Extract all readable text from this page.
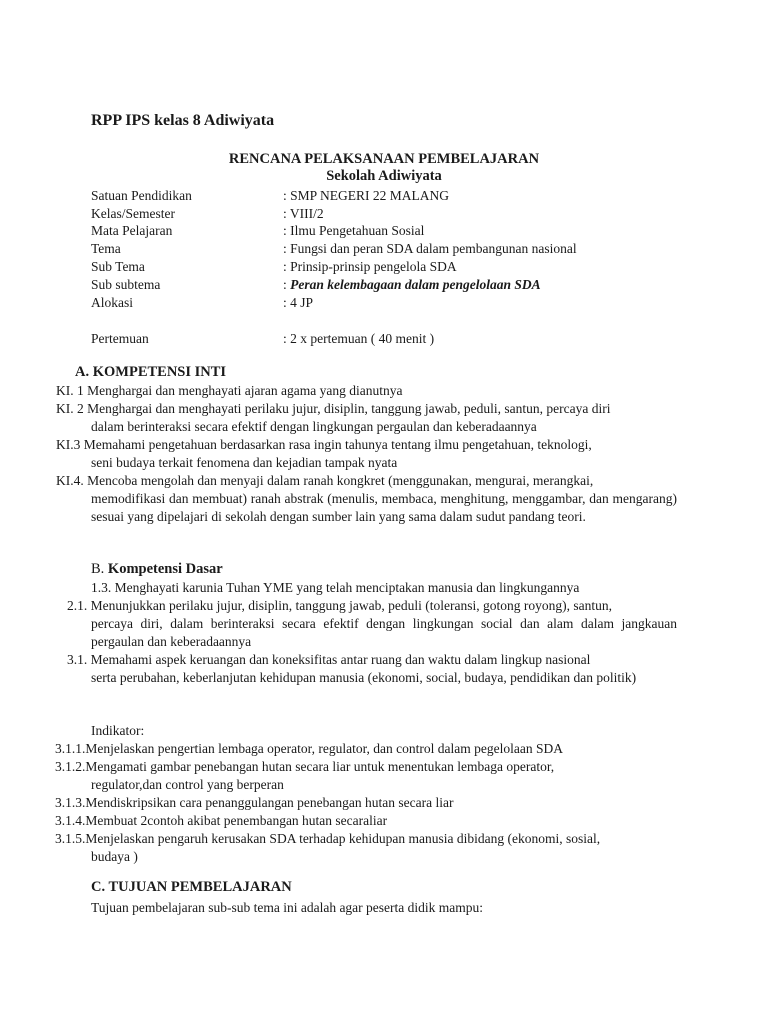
RPP IPS kelas 8 Adiwiyata
RENCANA PELAKSANAAN PEMBELAJARAN
Sekolah Adiwiyata
Satuan Pendidikan	: SMP NEGERI 22 MALANG
Kelas/Semester	: VIII/2
Mata Pelajaran	: Ilmu Pengetahuan Sosial
Tema	: Fungsi dan peran SDA dalam pembangunan nasional
Sub Tema	: Prinsip-prinsip pengelola SDA
Sub subtema	: Peran kelembagaan dalam pengelolaan SDA
Alokasi	: 4 JP
Pertemuan	: 2 x pertemuan ( 40 menit )
A. KOMPETENSI INTI
KI. 1 Menghargai dan menghayati ajaran agama yang dianutnya
KI. 2 Menghargai dan menghayati perilaku jujur, disiplin, tanggung jawab, peduli, santun, percaya diri
dalam berinteraksi secara efektif dengan lingkungan pergaulan dan keberadaannya
KI.3 Memahami pengetahuan berdasarkan rasa ingin tahunya tentang ilmu pengetahuan, teknologi,
seni budaya terkait fenomena dan kejadian tampak nyata
KI.4. Mencoba mengolah dan menyaji dalam ranah kongkret (menggunakan, mengurai, merangkai,
memodifikasi dan membuat) ranah abstrak (menulis, membaca, menghitung, menggambar, dan mengarang) sesuai yang dipelajari di sekolah dengan sumber lain yang sama dalam sudut pandang teori.
B. Kompetensi Dasar
1.3. Menghayati karunia Tuhan YME yang telah menciptakan manusia dan lingkungannya
2.1. Menunjukkan perilaku jujur, disiplin, tanggung jawab, peduli (toleransi, gotong royong), santun,
percaya diri, dalam berinteraksi secara efektif dengan lingkungan social dan alam dalam jangkauan pergaulan dan keberadaannya
3.1. Memahami aspek keruangan dan koneksifitas antar ruang dan waktu dalam lingkup nasional
serta perubahan, keberlanjutan kehidupan manusia (ekonomi, social, budaya, pendidikan dan politik)
Indikator:
3.1.1.Menjelaskan pengertian lembaga operator, regulator, dan control dalam pegelolaan SDA
3.1.2.Mengamati gambar penebangan hutan secara liar untuk menentukan lembaga operator,
regulator,dan control yang berperan
3.1.3.Mendiskripsikan cara penanggulangan penebangan hutan secara liar
3.1.4.Membuat 2contoh akibat penembangan hutan secaraliar
3.1.5.Menjelaskan pengaruh kerusakan SDA terhadap kehidupan manusia dibidang (ekonomi, sosial,
budaya )
C. TUJUAN PEMBELAJARAN
Tujuan pembelajaran sub-sub tema ini adalah agar peserta didik mampu:
